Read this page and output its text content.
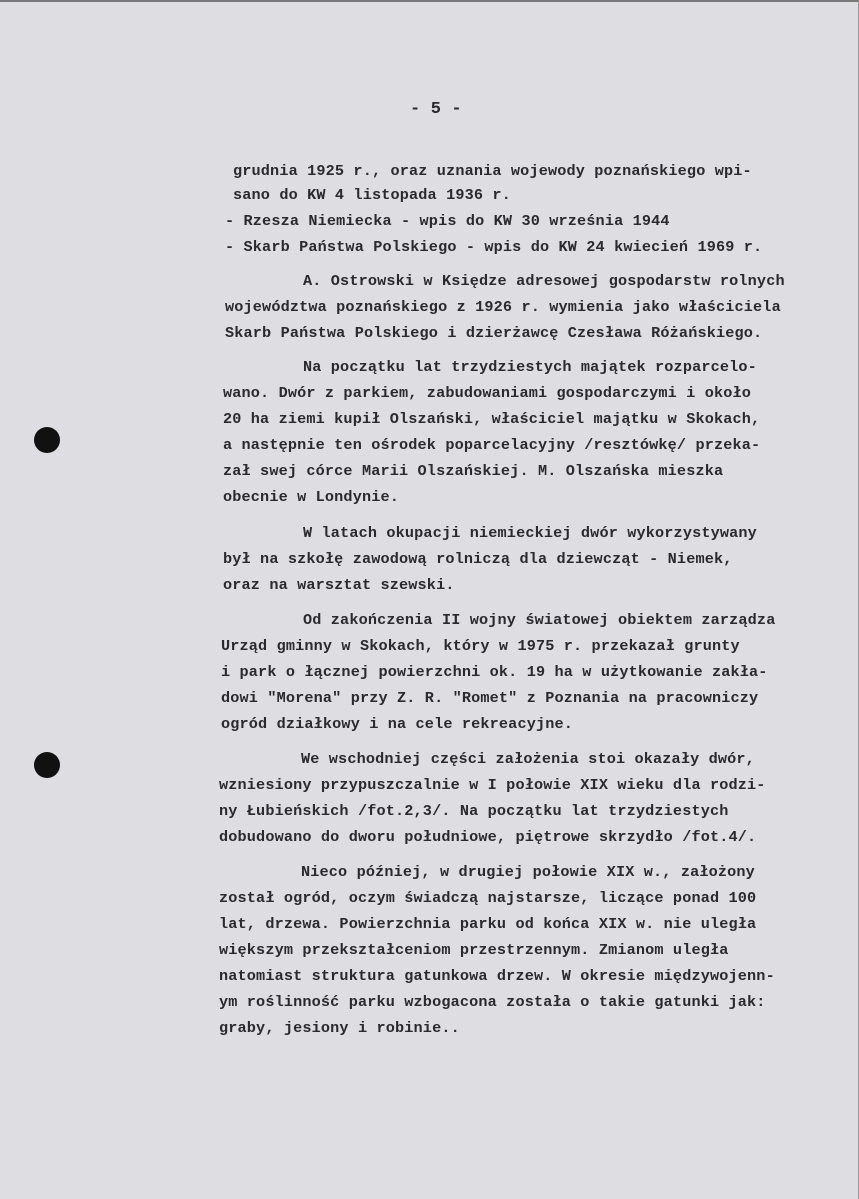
- 5 -
grudnia 1925 r., oraz uznania wojewody poznańskiego wpi-
sano do KW 4 listopada 1936 r.
- Rzesza Niemiecka - wpis do KW 30 września 1944
- Skarb Państwa Polskiego - wpis do KW 24 kwiecień 1969 r.
A. Ostrowski w Księdze adresowej gospodarstw rolnych
województwa poznańskiego z 1926 r. wymienia jako właściciela
Skarb Państwa Polskiego i dzierżawcę Czesława Różańskiego.
Na początku lat trzydziestych majątek rozparcelo-
wano. Dwór z parkiem, zabudowaniami gospodarczymi i około
20 ha ziemi kupił Olszański, właściciel majątku w Skokach,
a następnie ten ośrodek poparcelacyjny /resztówkę/ przeka-
zał swej córce Marii Olszańskiej. M. Olszańska mieszka
obecnie w Londynie.
W latach okupacji niemieckiej dwór wykorzystywany
był na szkołę zawodową rolniczą dla dziewcząt - Niemek,
oraz na warsztat szewski.
Od zakończenia II wojny światowej obiektem zarządza
Urząd gminny w Skokach, który w 1975 r. przekazał grunty
i park o łącznej powierzchni ok. 19 ha w użytkowanie zakła-
dowi "Morena" przy Z. R. "Romet" z Poznania na pracowniczy
ogród działkowy i na cele rekreacyjne.
We wschodniej części założenia stoi okazały dwór,
wzniesiony przypuszczalnie w I połowie XIX wieku dla rodzi-
ny Łubieńskich /fot.2,3/. Na początku lat trzydziestych
dobudowano do dworu południowe, piętrowe skrzydło /fot.4/.
Nieco później, w drugiej połowie XIX w., założony
został ogród, oczym świadczą najstarsze, liczące ponad 100
lat, drzewa. Powierzchnia parku od końca XIX w. nie uległa
większym przekształceniom przestrzennym. Zmianom uległa
natomiast struktura gatunkowa drzew. W okresie międzywojenn-
ym roślinność parku wzbogacona została o takie gatunki jak:
graby, jesiony i robinie..
